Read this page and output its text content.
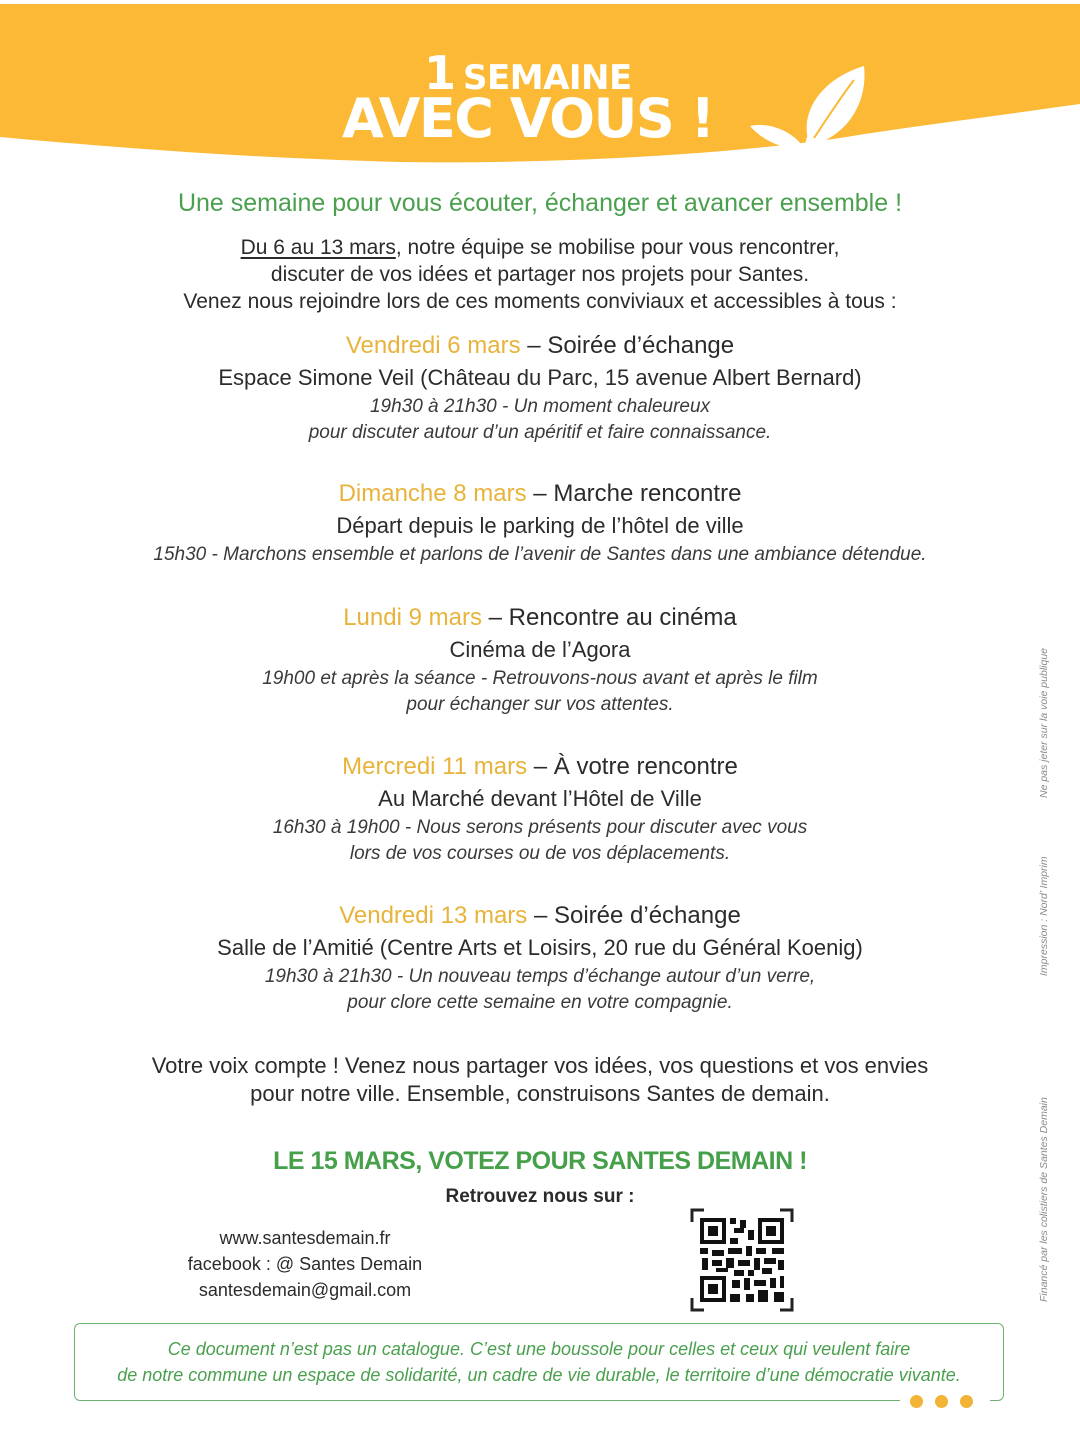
1 SEMAINE
AVEC VOUS !
Une semaine pour vous écouter, échanger et avancer ensemble !
Du 6 au 13 mars, notre équipe se mobilise pour vous rencontrer,
discuter de vos idées et partager nos projets pour Santes.
Venez nous rejoindre lors de ces moments conviviaux et accessibles à tous :
Vendredi 6 mars – Soirée d’échange
Espace Simone Veil (Château du Parc, 15 avenue Albert Bernard)
19h30 à 21h30 - Un moment chaleureux
pour discuter autour d’un apéritif et faire connaissance.
Dimanche 8 mars – Marche rencontre
Départ depuis le parking de l’hôtel de ville
15h30 - Marchons ensemble et parlons de l’avenir de Santes dans une ambiance détendue.
Lundi 9 mars – Rencontre au cinéma
Cinéma de l’Agora
19h00 et après la séance - Retrouvons-nous avant et après le film
pour échanger sur vos attentes.
Mercredi 11 mars – À votre rencontre
Au Marché devant l’Hôtel de Ville
16h30 à 19h00 - Nous serons présents pour discuter avec vous
lors de vos courses ou de vos déplacements.
Vendredi 13 mars – Soirée d’échange
Salle de l’Amitié (Centre Arts et Loisirs, 20 rue du Général Koenig)
19h30 à 21h30 - Un nouveau temps d’échange autour d’un verre,
pour clore cette semaine en votre compagnie.
Votre voix compte ! Venez nous partager vos idées, vos questions et vos envies
pour notre ville. Ensemble, construisons Santes de demain.
LE 15 MARS, VOTEZ POUR SANTES DEMAIN !
Retrouvez nous sur :
www.santesdemain.fr
facebook : @ Santes Demain
santesdemain@gmail.com
Ce document n’est pas un catalogue. C’est une boussole pour celles et ceux qui veulent faire
de notre commune un espace de solidarité, un cadre de vie durable, le territoire d’une démocratie vivante.
Ne pas jeter sur la voie publique
Impression : Nord’ Imprim
Financé par les colistiers de Santes Demain
